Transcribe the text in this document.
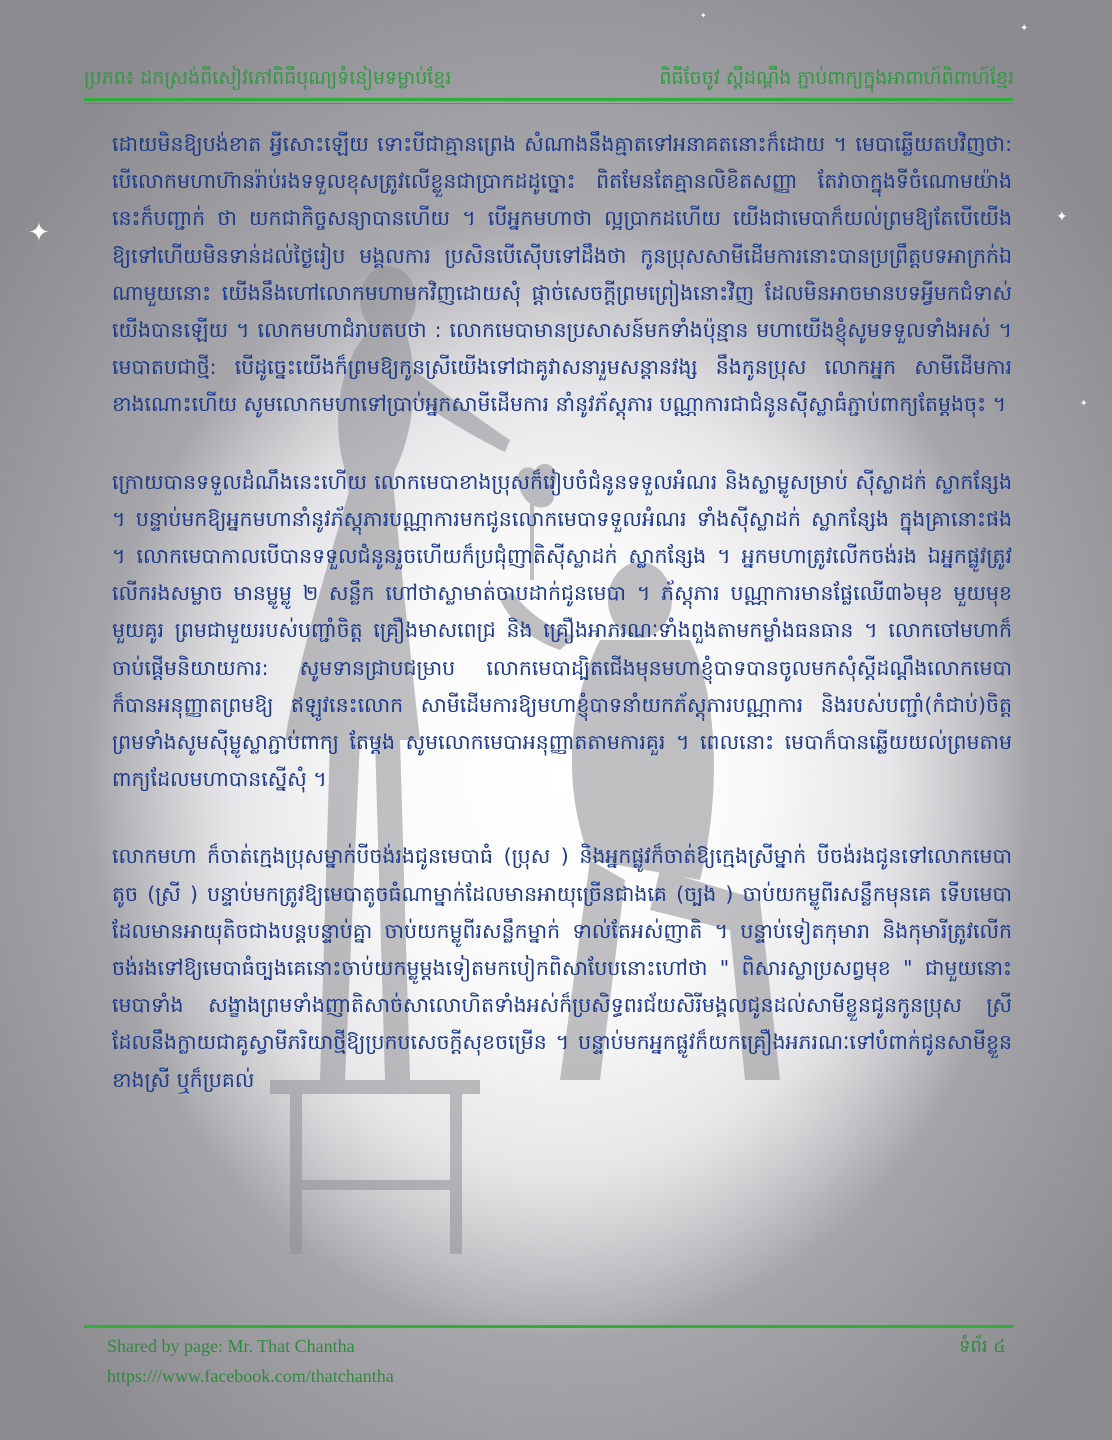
✦
✦
✦
✦
✦
ប្រភព៖ ដកស្រង់ពីសៀវភៅពិធីបុណ្យទំនៀមទម្លាប់ខ្មែរ	ពិធីចែចូវ ស្ដីដណ្ដឹង ភ្ជាប់ពាក្យក្នុងអាពាហ៍ពិពាហ៍ខ្មែរ

ដោយមិនឱ្យបង់ខាត អ្វីសោះឡើយ ទោះបីជាគ្មានព្រេង សំណាងនឹងគ្មាតទៅអនាគតនោះក៏ដោយ ។ មេបាឆ្លើយតបវិញថា: បើលោកមហាហ៊ានរ៉ាប់រងទទួលខុសត្រូវលើខ្លួនជាប្រាកដដូច្នោះ ពិតមែនតែគ្មានលិខិតសញ្ញា តែវាចាក្នុងទីចំណោមយ៉ាងនេះក៏បញ្ជាក់ ថា យកជាកិច្ចសន្យាបានហើយ ។ បើអ្នកមហាថា ល្អប្រាកដហើយ យើងជាមេបាក៏យល់ព្រមឱ្យតែបើយើងឱ្យទៅហើយមិនទាន់ដល់ថ្ងៃរៀប មង្គលការ ប្រសិនបើស៊ើបទៅដឹងថា កូនប្រុសសាមីដើមការនោះបានប្រព្រឹត្តបទអាក្រក់ឯណាមួយនោះ យើងនឹងហៅលោកមហាមកវិញដោយសុំ ផ្ដាច់សេចក្ដីព្រមព្រៀងនោះវិញ ដែលមិនអាចមានបទអ្វីមកជំទាស់យើងបានឡើយ ។ លោកមហាជំរាបតបថា : លោកមេបាមានប្រសាសន៍មកទាំងប៉ុន្មាន មហាយើងខ្ញុំសូមទទួលទាំងអស់ ។ មេបាតបជាថ្មី: បើដូច្នេះយើងក៏ព្រមឱ្យកូនស្រីយើងទៅជាគូវាសនារួមសន្តានវង្ស នឹងកូនប្រុស លោកអ្នក សាមីដើមការខាងណោះហើយ សូមលោកមហាទៅប្រាប់អ្នកសាមីដើមការ នាំនូវភ័ស្ដុភារ បណ្ណាការជាជំនូនស៊ីស្លាធំភ្ជាប់ពាក្យតែម្ដងចុះ ។

ក្រោយបានទទួលដំណឹងនេះហើយ លោកមេបាខាងប្រុសក៏រៀបចំជំនូនទទួលអំណរ និងស្លាម្លូសម្រាប់ ស៊ីស្លាដក់ ស្លាកន្សែង ។ បន្ទាប់មកឱ្យអ្នកមហានាំនូវភ័ស្ដុភារបណ្ណាការមកជូនលោកមេបាទទួលអំណរ ទាំងស៊ីស្លាដក់ ស្លាកន្សែង ក្នុងគ្រានោះផង ។ លោកមេបាកាលបើបានទទួលជំនូនរួចហើយក៏ប្រជុំញាតិស៊ីស្លាដក់ ស្លាកន្សែង ។ អ្នកមហាត្រូវលើកចង់រង ឯអ្នកផ្លូវត្រូវលើករងសម្លាច មានម្លូម្លូ ២ សន្លឹក ហៅថាស្លាមាត់ចាបដាក់ជូនមេបា ។ ភ័ស្ដុភារ បណ្ណាការមានផ្លែឈើ៣៦មុខ មួយមុខមួយគូរ ព្រមជាមួយរបស់បញ្ជាំចិត្ត គ្រឿងមាសពេជ្រ និង គ្រឿងអាភរណៈទាំងពួងតាមកម្លាំងធនធាន ។ លោកចៅមហាក៏ចាប់ផ្ដើមនិយាយការ: សូមទានជ្រាបជម្រាប លោកមេបាដ្បិតជើងមុនមហាខ្ញុំបាទបានចូលមកសុំស្ដីដណ្ដឹងលោកមេបា ក៏បានអនុញ្ញាតព្រមឱ្យ ឥឡូវនេះលោក សាមីដើមការឱ្យមហាខ្ញុំបាទនាំយកភ័ស្ដុភារបណ្ណាការ និងរបស់បញ្ជាំ(កំជាប់)ចិត្ត ព្រមទាំងសូមស៊ីម្លូស្លាភ្ជាប់ពាក្យ តែម្ដង សូមលោកមេបាអនុញ្ញាតតាមការគួរ ។ ពេលនោះ មេបាក៏បានឆ្លើយយល់ព្រមតាមពាក្យដែលមហាបានស្នើសុំ ។

លោកមហា ក៏ចាត់ក្មេងប្រុសម្នាក់បីចង់រងជូនមេបាធំ (ប្រុស ) និងអ្នកផ្លូវក៏ចាត់ឱ្យក្មេងស្រីម្នាក់ បីចង់រងជូនទៅលោកមេបាតូច (ស្រី ) បន្ទាប់មកត្រូវឱ្យមេបាតូចធំណាម្នាក់ដែលមានអាយុច្រើនជាងគេ (ច្បង ) ចាប់យកម្លូពីរសន្លឹកមុនគេ ទើបមេបាដែលមានអាយុតិចជាងបន្តបន្ទាប់គ្នា ចាប់យកម្លូពីរសន្លឹកម្នាក់ ទាល់តែអស់ញាតិ ។ បន្ទាប់ទៀតកុមារា និងកុមារីត្រូវលើកចង់រងទៅឱ្យមេបាធំច្បងគេនោះចាប់យកម្លូម្ដងទៀតមកបៀកពិសាបែបនោះហៅថា " ពិសារស្លាប្រសព្វមុខ " ជាមួយនោះមេបាទាំង សង្ខាងព្រមទាំងញាតិសាច់សាលោហិតទាំងអស់ក៏ប្រសិទ្ធពរជ័យសិរីមង្គលជូនដល់សាមីខ្លួនជូនកូនប្រុស ស្រី ដែលនឹងក្លាយជាគូស្វាមីភរិយាថ្មីឱ្យប្រកបសេចក្ដីសុខចម្រើន ។ បន្ទាប់មកអ្នកផ្លូវក៏យកគ្រឿងអភរណៈទៅបំពាក់ជូនសាមីខ្លួនខាងស្រី ឬក៏ប្រគល់

Shared by page: Mr. That Chantha
https:///www.facebook.com/thatchantha
ទំព័រ ៤
